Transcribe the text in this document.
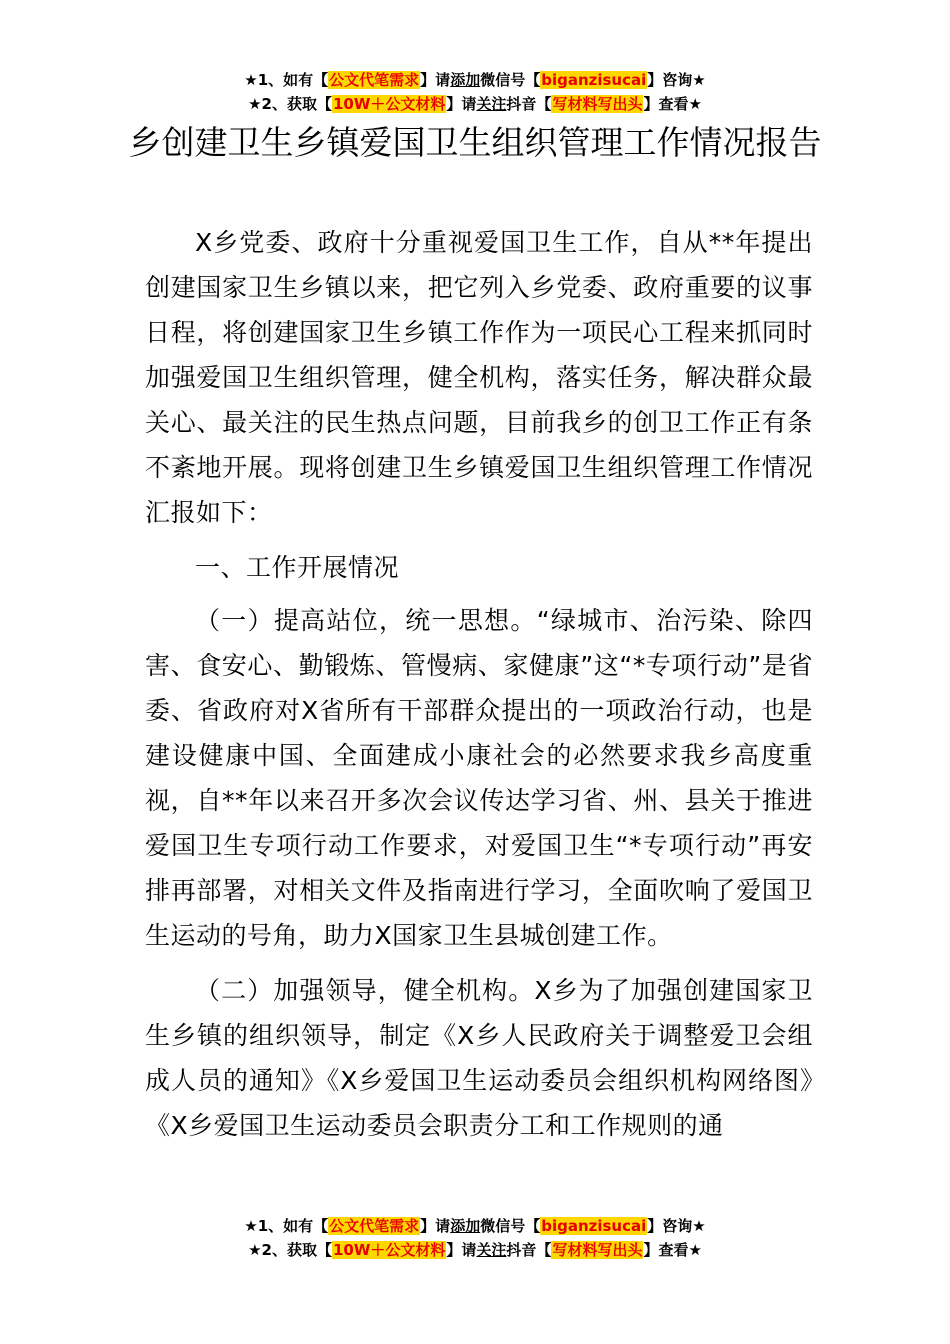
★1、如有【公文代笔需求】请添加微信号【biganzisucai】咨询★
★2、获取【10W＋公文材料】请关注抖音【写材料写出头】查看★
乡创建卫生乡镇爱国卫生组织管理工作情况报告

X乡党委、政府十分重视爱国卫生工作，自从**年提出创建国家卫生乡镇以来，把它列入乡党委、政府重要的议事日程，将创建国家卫生乡镇工作作为一项民心工程来抓同时加强爱国卫生组织管理，健全机构，落实任务，解决群众最关心、最关注的民生热点问题，目前我乡的创卫工作正有条不紊地开展。现将创建卫生乡镇爱国卫生组织管理工作情况汇报如下：

一、工作开展情况

（一）提高站位，统一思想。“绿城市、治污染、除四害、食安心、勤锻炼、管慢病、家健康”这“*专项行动”是省委、省政府对X省所有干部群众提出的一项政治行动，也是建设健康中国、全面建成小康社会的必然要求我乡高度重视，自**年以来召开多次会议传达学习省、州、县关于推进爱国卫生专项行动工作要求，对爱国卫生“*专项行动”再安排再部署，对相关文件及指南进行学习，全面吹响了爱国卫生运动的号角，助力X国家卫生县城创建工作。

（二）加强领导，健全机构。X乡为了加强创建国家卫生乡镇的组织领导，制定《X乡人民政府关于调整爱卫会组成人员的通知》《X乡爱国卫生运动委员会组织机构网络图》《X乡爱国卫生运动委员会职责分工和工作规则的通

★1、如有【公文代笔需求】请添加微信号【biganzisucai】咨询★
★2、获取【10W＋公文材料】请关注抖音【写材料写出头】查看★
